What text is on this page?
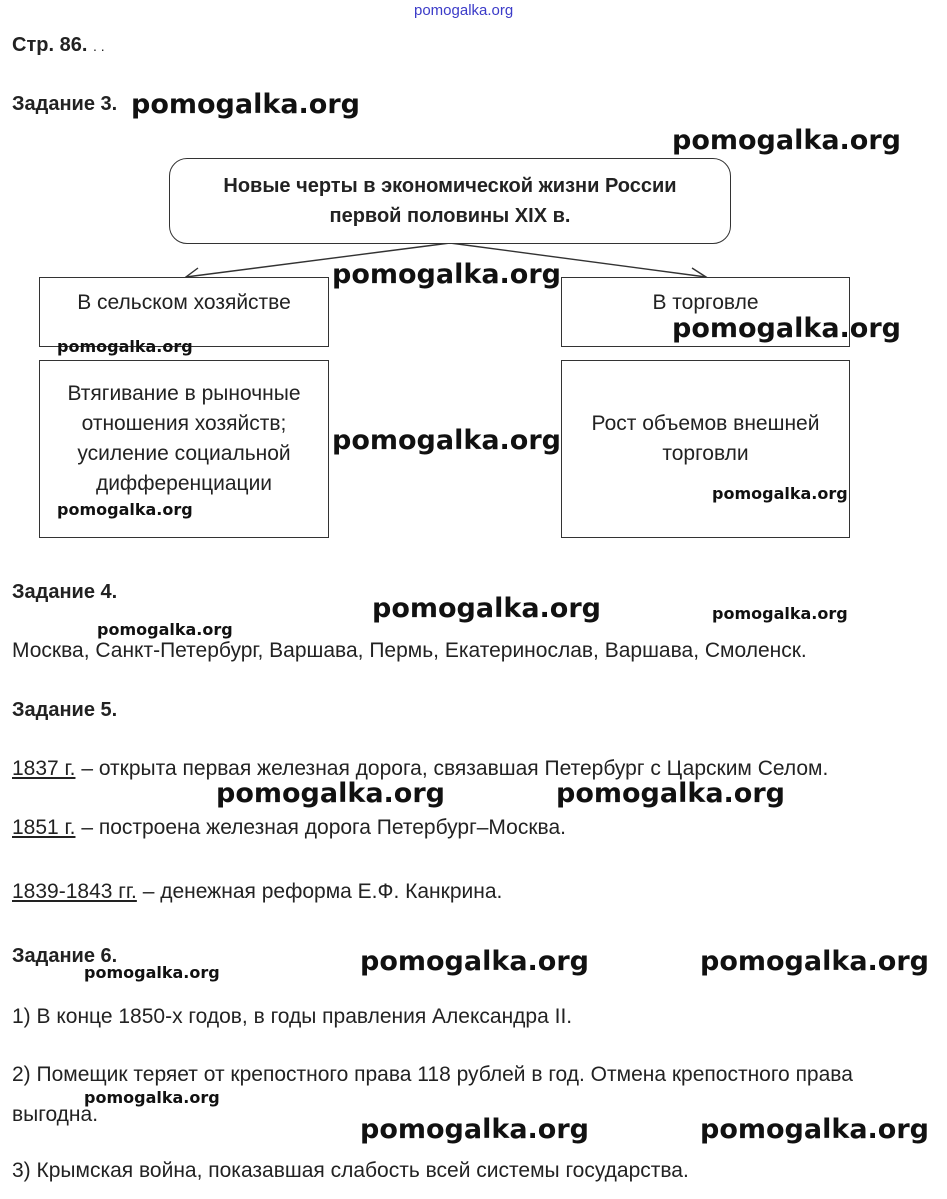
pomogalka.org
Стр. 86. . .
Задание 3.
Новые черты в экономической жизни России
первой половины XIX в.
В сельском хозяйстве	В торговле
Втягивание в рыночные
отношения хозяйств;
усиление социальной
дифференциации
Рост объемов внешней
торговли
Задание 4.
Москва, Санкт-Петербург, Варшава, Пермь, Екатеринослав, Варшава, Смоленск.
Задание 5.
1837 г. – открыта первая железная дорога, связавшая Петербург с Царским Селом.
1851 г. – построена железная дорога Петербург–Москва.
1839-1843 гг. – денежная реформа Е.Ф. Канкрина.
Задание 6.
1) В конце 1850-х годов, в годы правления Александра II.
2) Помещик теряет от крепостного права 118 рублей в год. Отмена крепостного права
выгодна.
3) Крымская война, показавшая слабость всей системы государства.
pomogalka.org
pomogalka.org
pomogalka.org
pomogalka.org
pomogalka.org
pomogalka.org
pomogalka.org	pomogalka.org
pomogalka.org	pomogalka.org
pomogalka.org	pomogalka.org
pomogalka.org
pomogalka.org
pomogalka.org
pomogalka.org
pomogalka.org
pomogalka.org
pomogalka.org
